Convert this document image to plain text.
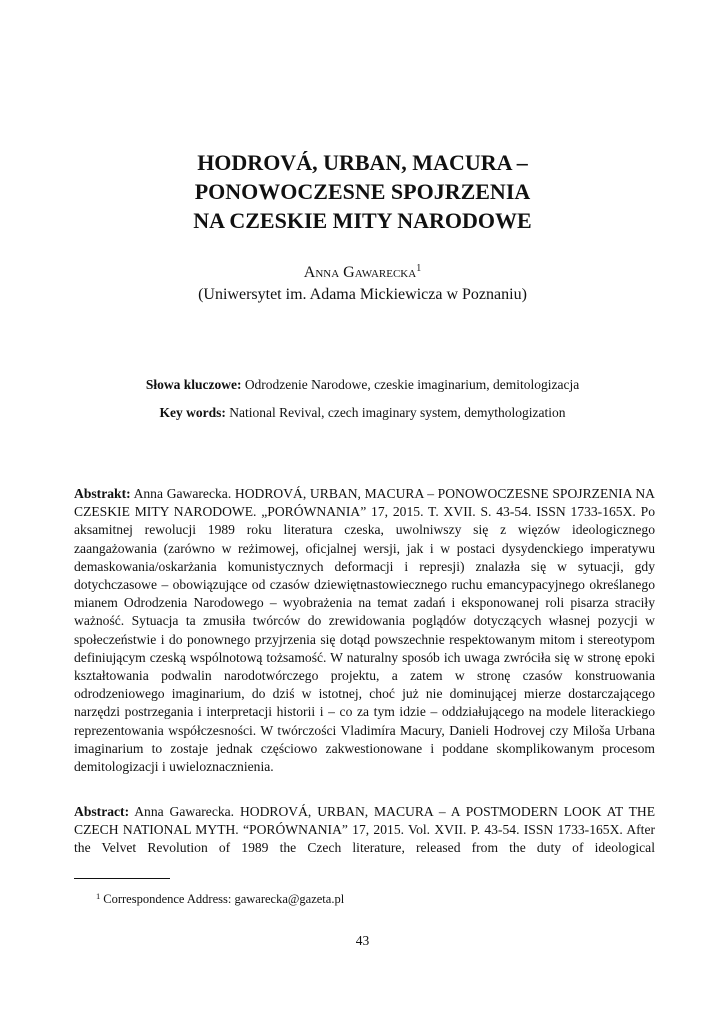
HODROVÁ, URBAN, MACURA –
PONOWOCZESNE SPOJRZENIA
NA CZESKIE MITY NARODOWE
Anna Gawarecka$^1$
(Uniwersytet im. Adama Mickiewicza w Poznaniu)
Słowa kluczowe: Odrodzenie Narodowe, czeskie imaginarium, demitologizacja
Key words: National Revival, czech imaginary system, demythologization
Abstrakt: Anna Gawarecka. HODROVÁ, URBAN, MACURA – PONOWOCZESNE SPOJRZENIA NA CZESKIE MITY NARODOWE. „PORÓWNANIA” 17, 2015. T. XVII. S. 43-54. ISSN 1733-165X. Po aksamitnej rewolucji 1989 roku literatura czeska, uwolniwszy się z więzów ideologicznego zaangażowania (zarówno w reżimowej, oficjalnej wersji, jak i w postaci dysydenckiego imperatywu demaskowania/oskarżania komunistycznych deformacji i represji) znalazła się w sytuacji, gdy dotychczasowe – obowiązujące od czasów dziewiętnastowiecznego ruchu emancypacyjnego określanego mianem Odrodzenia Narodowego – wyobrażenia na temat zadań i eksponowanej roli pisarza straciły ważność. Sytuacja ta zmusiła twórców do zrewidowania poglądów dotyczących własnej pozycji w społeczeństwie i do ponownego przyjrzenia się dotąd powszechnie respektowanym mitom i stereotypom definiującym czeską wspólnotową tożsamość. W naturalny sposób ich uwaga zwróciła się w stronę epoki kształtowania podwalin narodotwórczego projektu, a zatem w stronę czasów konstruowania odrodzeniowego imaginarium, do dziś w istotnej, choć już nie dominującej mierze dostarczającego narzędzi postrzegania i interpretacji historii i – co za tym idzie – oddziałującego na modele literackiego reprezentowania współczesności. W twórczości Vladimíra Macury, Danieli Hodrovej czy Miloša Urbana imaginarium to zostaje jednak częściowo zakwestionowane i poddane skomplikowanym procesom demitologizacji i uwieloznacznienia.
Abstract: Anna Gawarecka. HODROVÁ, URBAN, MACURA – A POSTMODERN LOOK AT THE CZECH NATIONAL MYTH. “PORÓWNANIA” 17, 2015. Vol. XVII. P. 43-54. ISSN 1733-165X. After the Velvet Revolution of 1989 the Czech literature, released from the duty of ideological
$^1$ Correspondence Address: gawarecka@gazeta.pl
43
